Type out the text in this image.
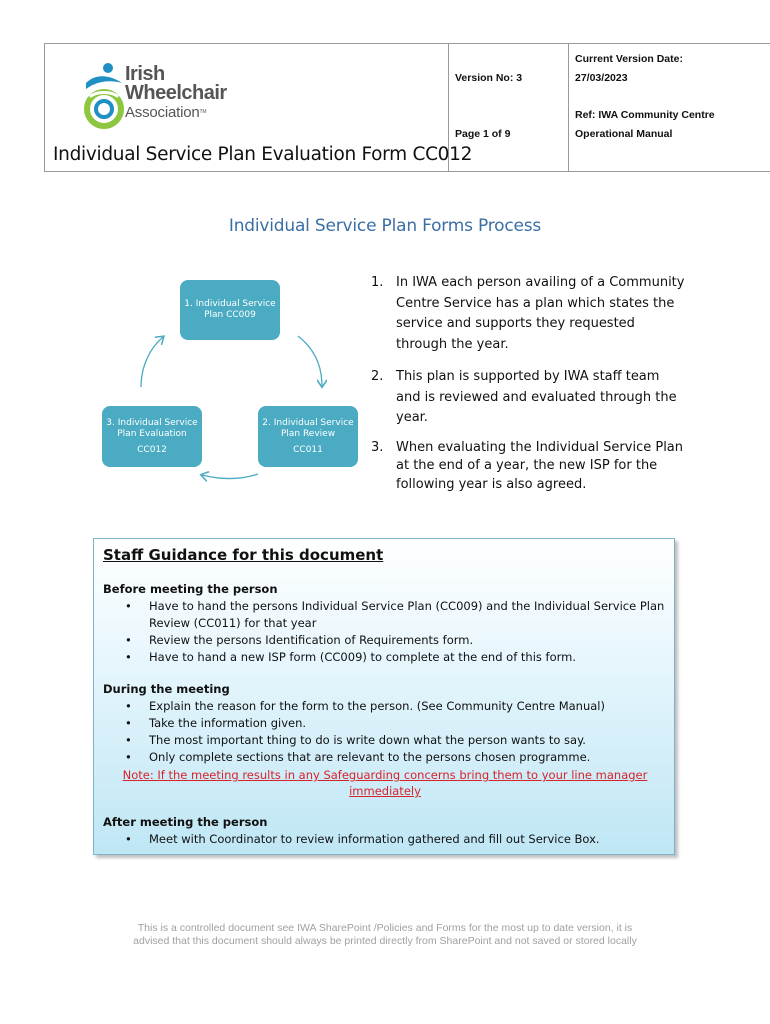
Irish
Wheelchair
AssociationTM
Individual Service Plan Evaluation Form CC012
Version No: 3
Page 1 of 9
Current Version Date:
27/03/2023
Ref: IWA Community Centre
Operational Manual
Individual Service Plan Forms Process
1. Individual Service
Plan CC009
2. Individual Service
Plan Review
CC011
3. Individual Service
Plan Evaluation
CC012
1. In IWA each person availing of a Community
Centre Service has a plan which states the
service and supports they requested
through the year.
2. This plan is supported by IWA staff team
and is reviewed and evaluated through the
year.
3. When evaluating the Individual Service Plan
at the end of a year, the new ISP for the
following year is also agreed.
Staff Guidance for this document
Before meeting the person
•	Have to hand the persons Individual Service Plan (CC009) and the Individual Service Plan Review (CC011) for that year
•	Review the persons Identification of Requirements form.
•	Have to hand a new ISP form (CC009) to complete at the end of this form.
During the meeting
•	Explain the reason for the form to the person. (See Community Centre Manual)
•	Take the information given.
•	The most important thing to do is write down what the person wants to say.
•	Only complete sections that are relevant to the persons chosen programme.
Note: If the meeting results in any Safeguarding concerns bring them to your line manager
immediately
After meeting the person
•	Meet with Coordinator to review information gathered and fill out Service Box.
This is a controlled document see IWA SharePoint /Policies and Forms for the most up to date version, it is
advised that this document should always be printed directly from SharePoint and not saved or stored locally
